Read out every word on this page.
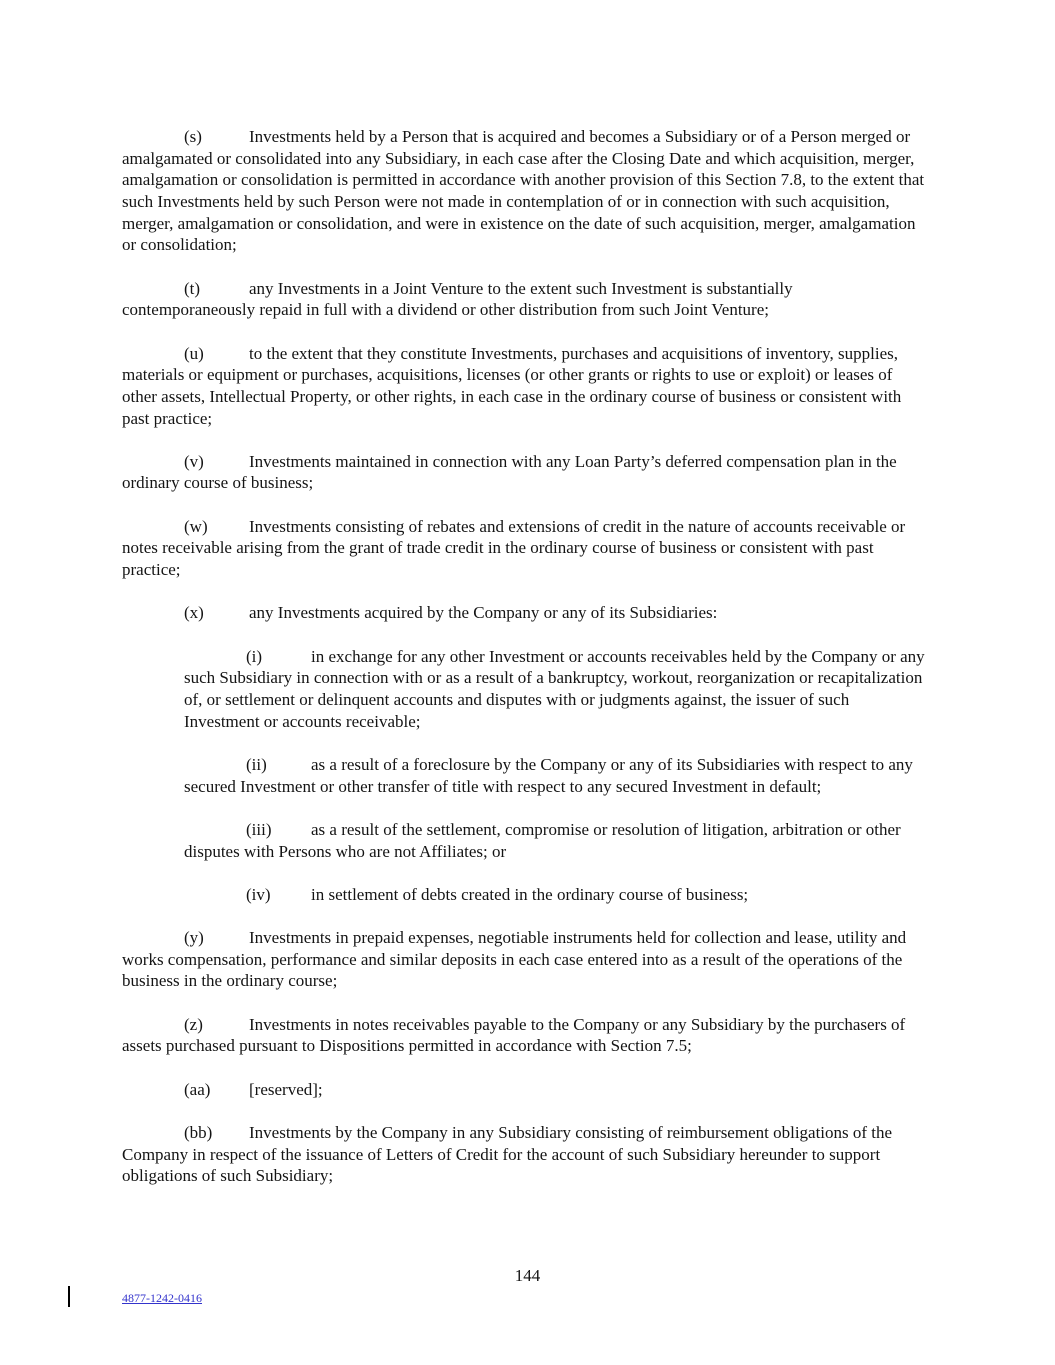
(s)	Investments held by a Person that is acquired and becomes a Subsidiary or of a Person merged or amalgamated or consolidated into any Subsidiary, in each case after the Closing Date and which acquisition, merger, amalgamation or consolidation is permitted in accordance with another provision of this Section 7.8, to the extent that such Investments held by such Person were not made in contemplation of or in connection with such acquisition, merger, amalgamation or consolidation, and were in existence on the date of such acquisition, merger, amalgamation or consolidation;

(t)	any Investments in a Joint Venture to the extent such Investment is substantially contemporaneously repaid in full with a dividend or other distribution from such Joint Venture;

(u)	to the extent that they constitute Investments, purchases and acquisitions of inventory, supplies, materials or equipment or purchases, acquisitions, licenses (or other grants or rights to use or exploit) or leases of other assets, Intellectual Property, or other rights, in each case in the ordinary course of business or consistent with past practice;

(v)	Investments maintained in connection with any Loan Party’s deferred compensation plan in the ordinary course of business;

(w) Investments consisting of rebates and extensions of credit in the nature of accounts receivable or notes receivable arising from the grant of trade credit in the ordinary course of business or consistent with past practice;

(x)	any Investments acquired by the Company or any of its Subsidiaries:

(i)	in exchange for any other Investment or accounts receivables held by the Company or any such Subsidiary in connection with or as a result of a bankruptcy, workout, reorganization or recapitalization of, or settlement or delinquent accounts and disputes with or judgments against, the issuer of such Investment or accounts receivable;

(ii)	as a result of a foreclosure by the Company or any of its Subsidiaries with respect to any secured Investment or other transfer of title with respect to any secured Investment in default;

(iii) as a result of the settlement, compromise or resolution of litigation, arbitration or other disputes with Persons who are not Affiliates; or

(iv) in settlement of debts created in the ordinary course of business;

(y)	Investments in prepaid expenses, negotiable instruments held for collection and lease, utility and works compensation, performance and similar deposits in each case entered into as a result of the operations of the business in the ordinary course;

(z)	Investments in notes receivables payable to the Company or any Subsidiary by the purchasers of assets purchased pursuant to Dispositions permitted in accordance with Section 7.5;

(aa) [reserved];

(bb) Investments by the Company in any Subsidiary consisting of reimbursement obligations of the Company in respect of the issuance of Letters of Credit for the account of such Subsidiary hereunder to support obligations of such Subsidiary;

144
4877-1242-0416
